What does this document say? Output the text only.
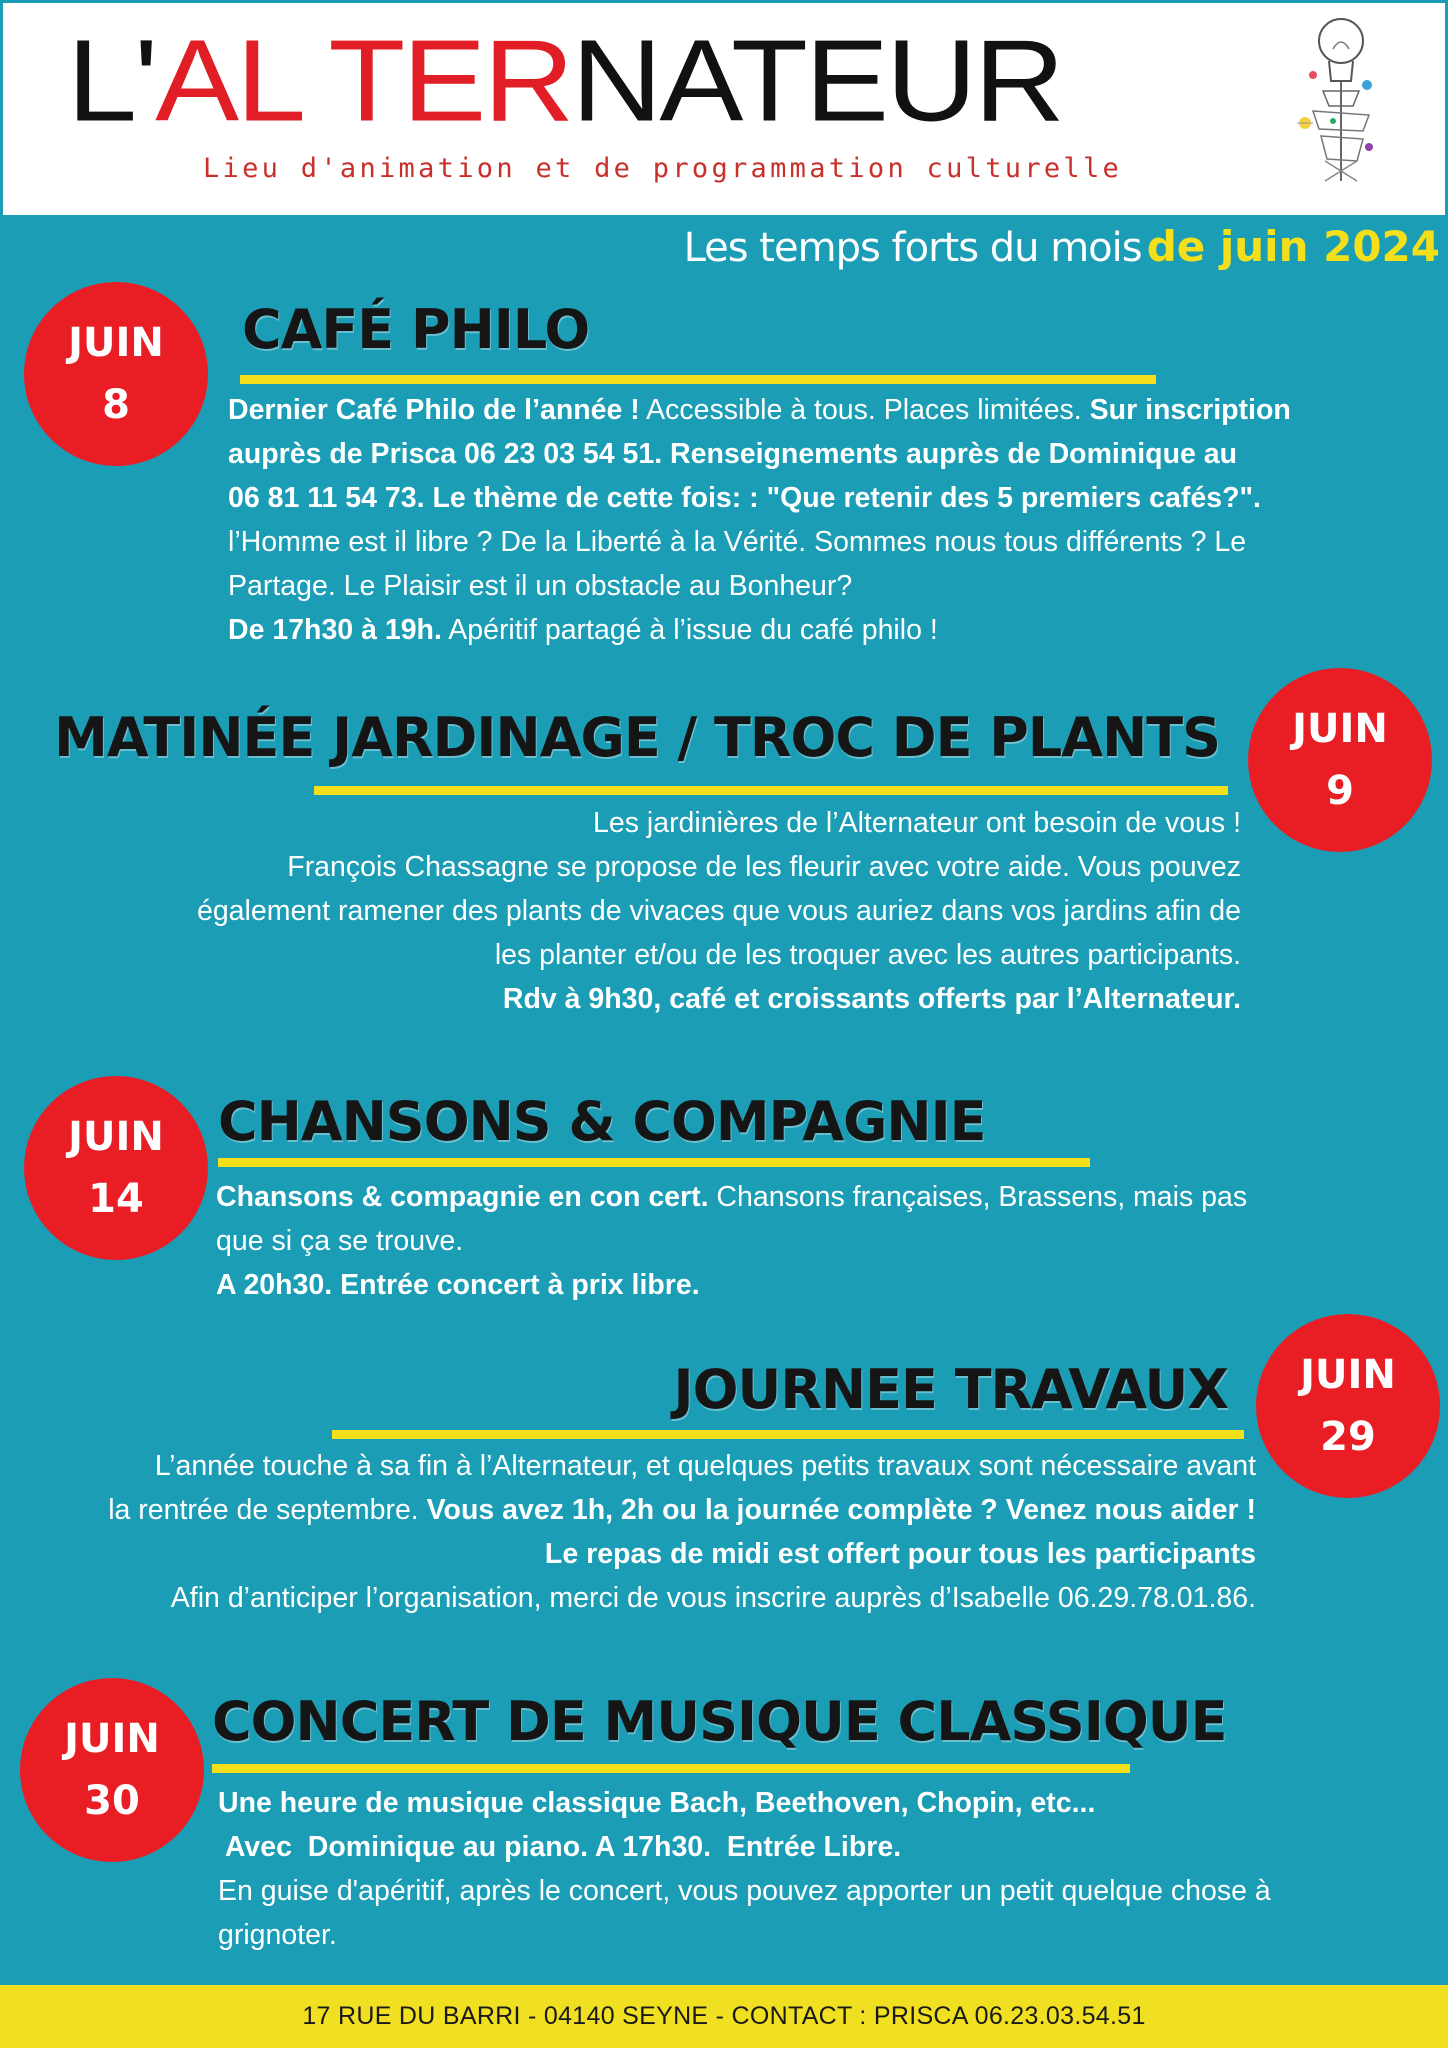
L'AL TERNATEUR
Lieu d'animation et de programmation culturelle
Les temps forts du mois de juin 2024
JUIN
8
CAFÉ PHILO
Dernier Café Philo de l’année ! Accessible à tous. Places limitées. Sur inscription
auprès de Prisca 06 23 03 54 51. Renseignements auprès de Dominique au
06 81 11 54 73. Le thème de cette fois: : "Que retenir des 5 premiers cafés?".
l’Homme est il libre ? De la Liberté à la Vérité. Sommes nous tous différents ? Le
Partage. Le Plaisir est il un obstacle au Bonheur?
De 17h30 à 19h. Apéritif partagé à l’issue du café philo !
JUIN
9
MATINÉE JARDINAGE / TROC DE PLANTS
Les jardinières de l’Alternateur ont besoin de vous !
François Chassagne se propose de les fleurir avec votre aide. Vous pouvez
également ramener des plants de vivaces que vous auriez dans vos jardins afin de
les planter et/ou de les troquer avec les autres participants.
Rdv à 9h30, café et croissants offerts par l’Alternateur.
JUIN
14
CHANSONS & COMPAGNIE
Chansons & compagnie en con cert. Chansons françaises, Brassens, mais pas
que si ça se trouve.
A 20h30. Entrée concert à prix libre.
JUIN
29
JOURNEE TRAVAUX
L’année touche à sa fin à l’Alternateur, et quelques petits travaux sont nécessaire avant
la rentrée de septembre. Vous avez 1h, 2h ou la journée complète ? Venez nous aider !
Le repas de midi est offert pour tous les participants
Afin d’anticiper l’organisation, merci de vous inscrire auprès d’Isabelle 06.29.78.01.86.
JUIN
30
CONCERT DE MUSIQUE CLASSIQUE
Une heure de musique classique Bach, Beethoven, Chopin, etc...
Avec  Dominique au piano. A 17h30.  Entrée Libre.
En guise d'apéritif, après le concert, vous pouvez apporter un petit quelque chose à
grignoter.
17 RUE DU BARRI - 04140 SEYNE - CONTACT : PRISCA 06.23.03.54.51
